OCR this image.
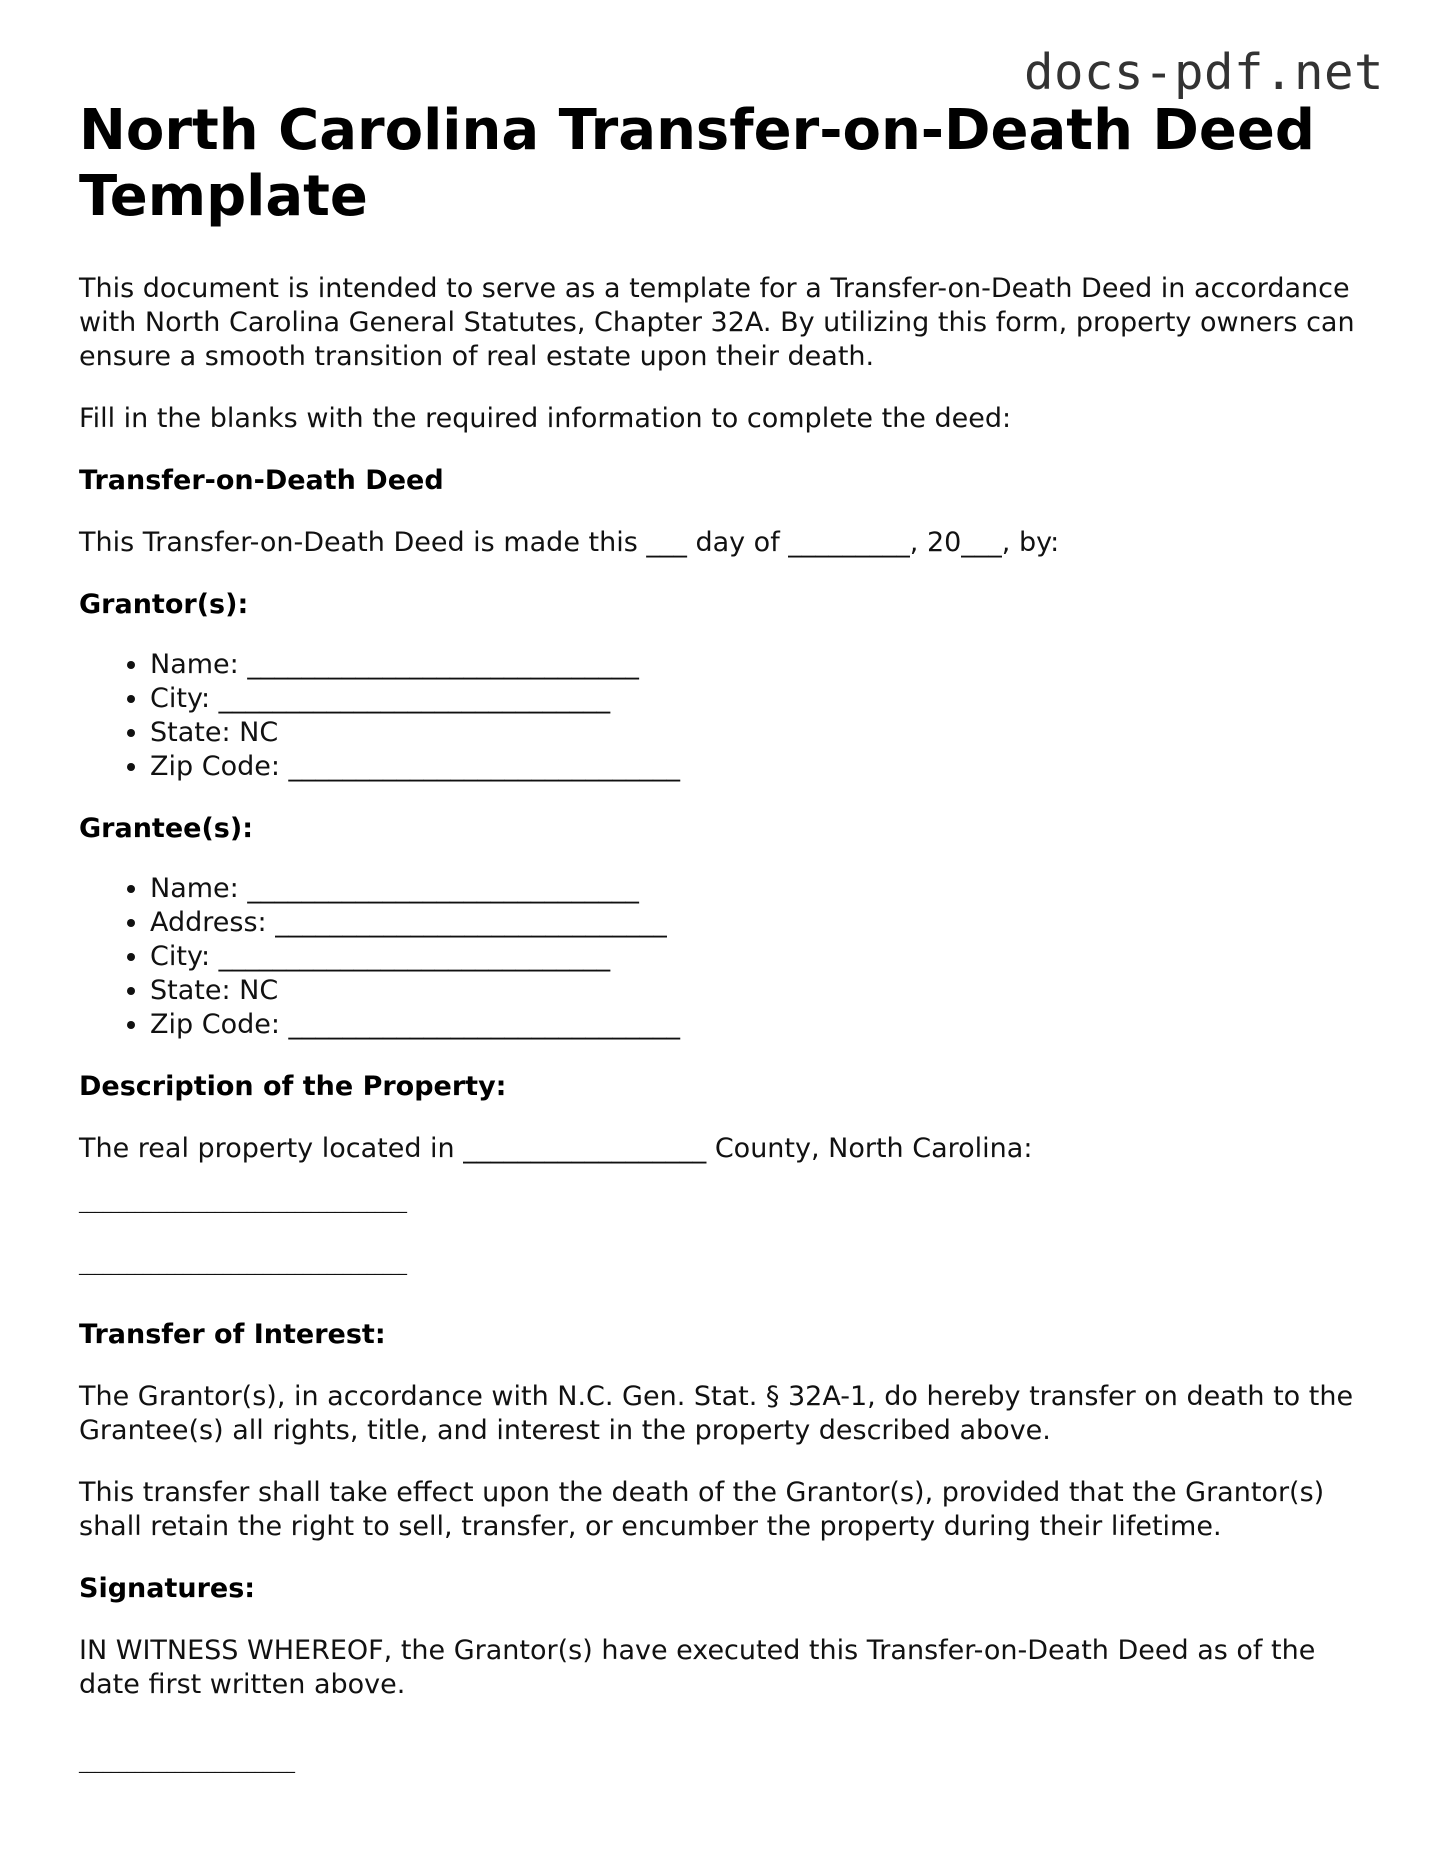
docs-pdf.net
North Carolina Transfer-on-Death Deed Template

This document is intended to serve as a template for a Transfer-on-Death Deed in accordance with North Carolina General Statutes, Chapter 32A. By utilizing this form, property owners can ensure a smooth transition of real estate upon their death.

Fill in the blanks with the required information to complete the deed:

Transfer-on-Death Deed

This Transfer-on-Death Deed is made this ___ day of _________, 20___, by:

Grantor(s):
• Name: _____________________________
• City: _____________________________
• State: NC
• Zip Code: _____________________________
Grantee(s):
• Name: _____________________________
• Address: _____________________________
• City: _____________________________
• State: NC
• Zip Code: _____________________________
Description of the Property:

The real property located in __________________ County, North Carolina:

_________________________________________
_________________________________________
Transfer of Interest:

The Grantor(s), in accordance with N.C. Gen. Stat. § 32A-1, do hereby transfer on death to the Grantee(s) all rights, title, and interest in the property described above.

This transfer shall take effect upon the death of the Grantor(s), provided that the Grantor(s) shall retain the right to sell, transfer, or encumber the property during their lifetime.

Signatures:

IN WITNESS WHEREOF, the Grantor(s) have executed this Transfer-on-Death Deed as of the date first written above.

___________________________
